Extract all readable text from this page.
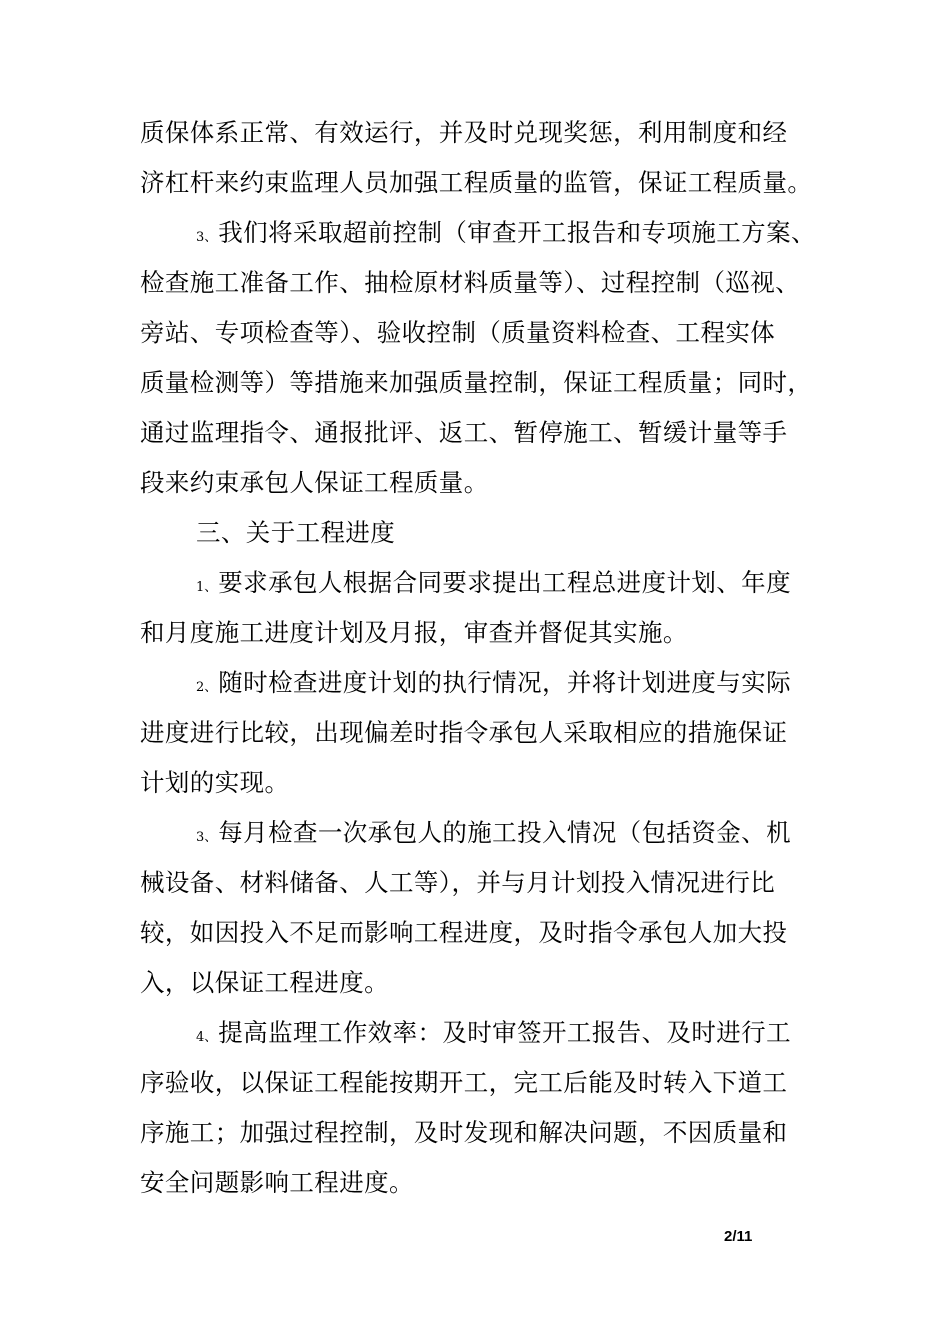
质保体系正常、有效运行，并及时兑现奖惩，利用制度和经
济杠杆来约束监理人员加强工程质量的监管，保证工程质量。
3、我们将采取超前控制（审查开工报告和专项施工方案、
检查施工准备工作、抽检原材料质量等）、过程控制（巡视、
旁站、专项检查等）、验收控制（质量资料检查、工程实体
质量检测等）等措施来加强质量控制，保证工程质量；同时，
通过监理指令、通报批评、返工、暂停施工、暂缓计量等手
段来约束承包人保证工程质量。
三、关于工程进度
1、要求承包人根据合同要求提出工程总进度计划、年度
和月度施工进度计划及月报，审查并督促其实施。
2、随时检查进度计划的执行情况，并将计划进度与实际
进度进行比较，出现偏差时指令承包人采取相应的措施保证
计划的实现。
3、每月检查一次承包人的施工投入情况（包括资金、机
械设备、材料储备、人工等），并与月计划投入情况进行比
较，如因投入不足而影响工程进度，及时指令承包人加大投
入，以保证工程进度。
4、提高监理工作效率：及时审签开工报告、及时进行工
序验收，以保证工程能按期开工，完工后能及时转入下道工
序施工；加强过程控制，及时发现和解决问题，不因质量和
安全问题影响工程进度。
2/11
